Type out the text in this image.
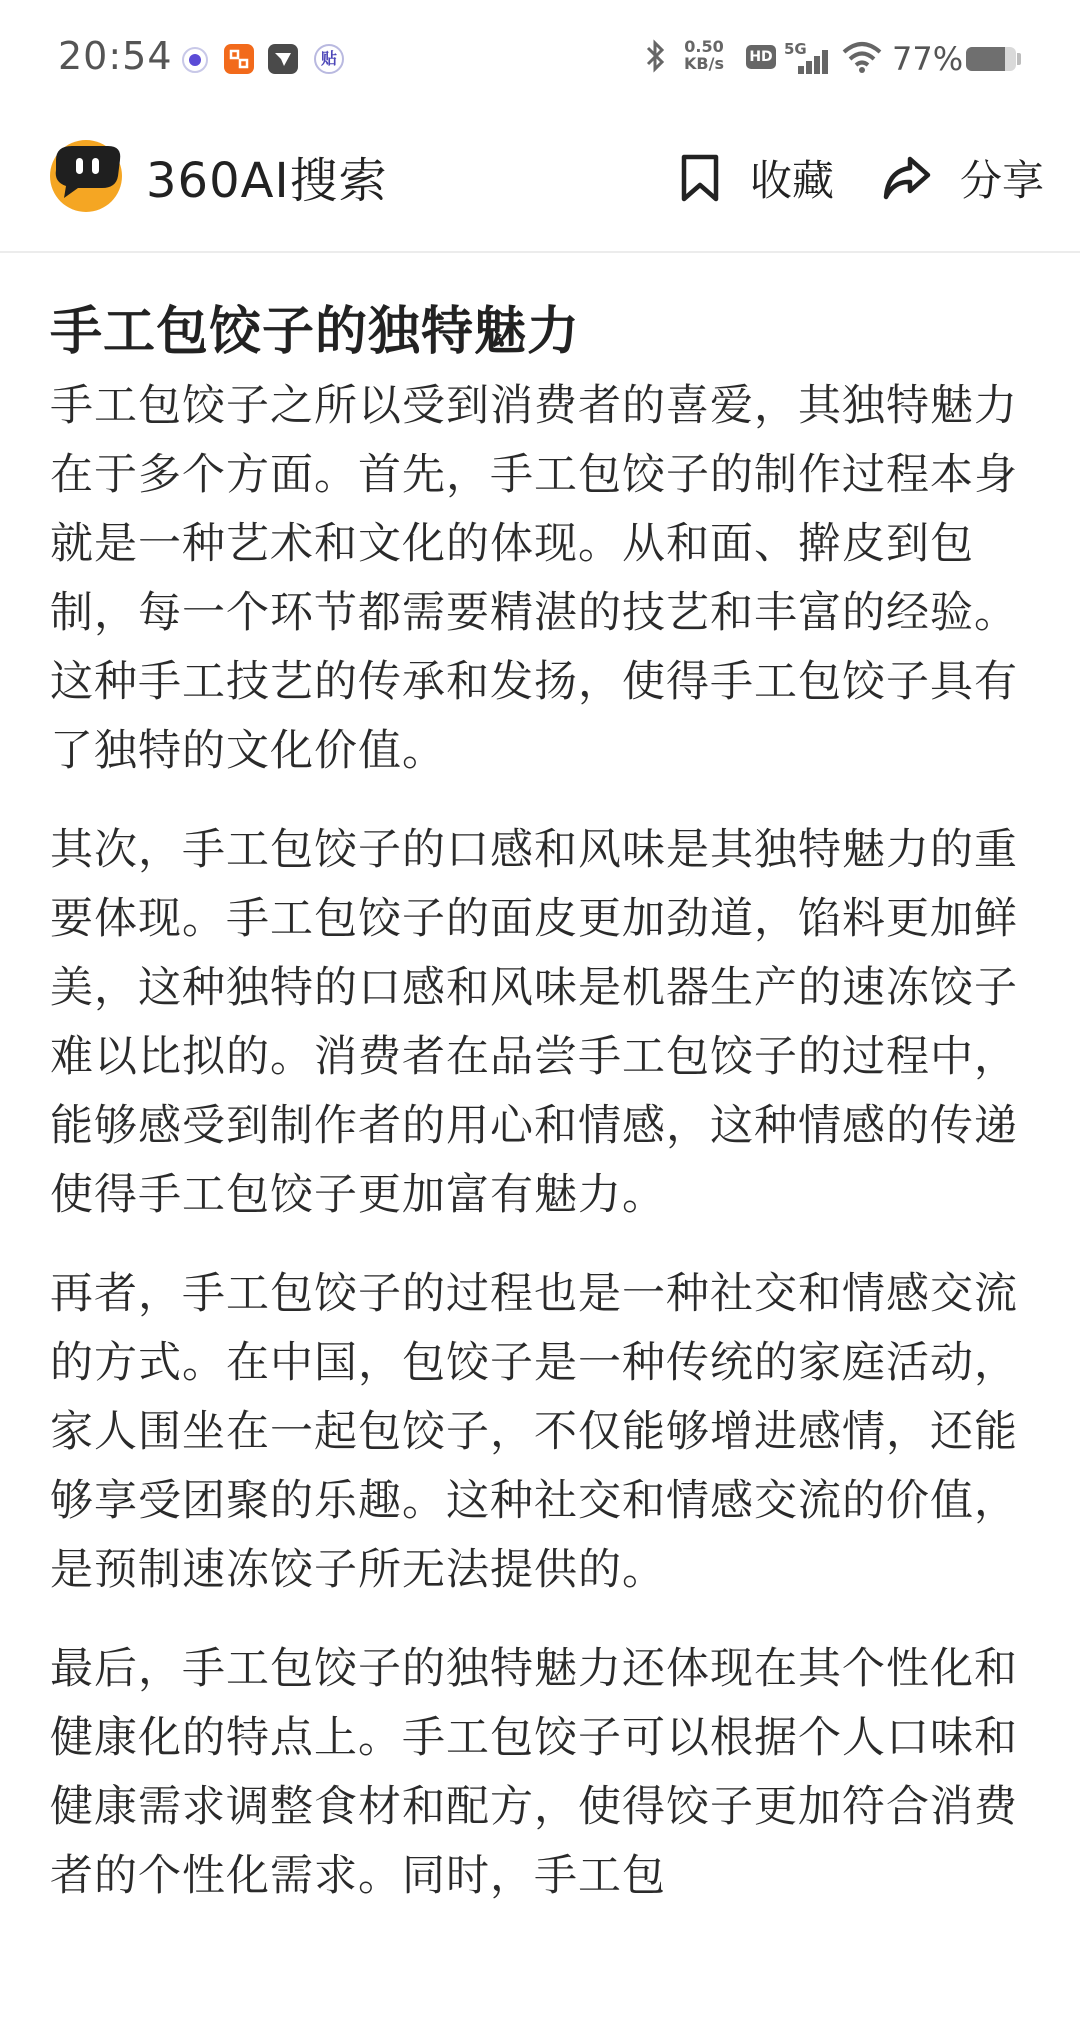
20:54	贴
0.50
KB/s HD 5G	77%
360AI搜索	收藏	分享
手工包饺子的独特魅力

手工包饺子之所以受到消费者的喜爱，其独特魅力在于多个方面。首先，手工包饺子的制作过程本身就是一种艺术和文化的体现。从和面、擀皮到包制，每一个环节都需要精湛的技艺和丰富的经验。这种手工技艺的传承和发扬，使得手工包饺子具有了独特的文化价值。

其次，手工包饺子的口感和风味是其独特魅力的重要体现。手工包饺子的面皮更加劲道，馅料更加鲜美，这种独特的口感和风味是机器生产的速冻饺子难以比拟的。消费者在品尝手工包饺子的过程中，能够感受到制作者的用心和情感，这种情感的传递使得手工包饺子更加富有魅力。

再者，手工包饺子的过程也是一种社交和情感交流的方式。在中国，包饺子是一种传统的家庭活动，家人围坐在一起包饺子，不仅能够增进感情，还能够享受团聚的乐趣。这种社交和情感交流的价值，是预制速冻饺子所无法提供的。

最后，手工包饺子的独特魅力还体现在其个性化和健康化的特点上。手工包饺子可以根据个人口味和健康需求调整食材和配方，使得饺子更加符合消费者的个性化需求。同时，手工包
